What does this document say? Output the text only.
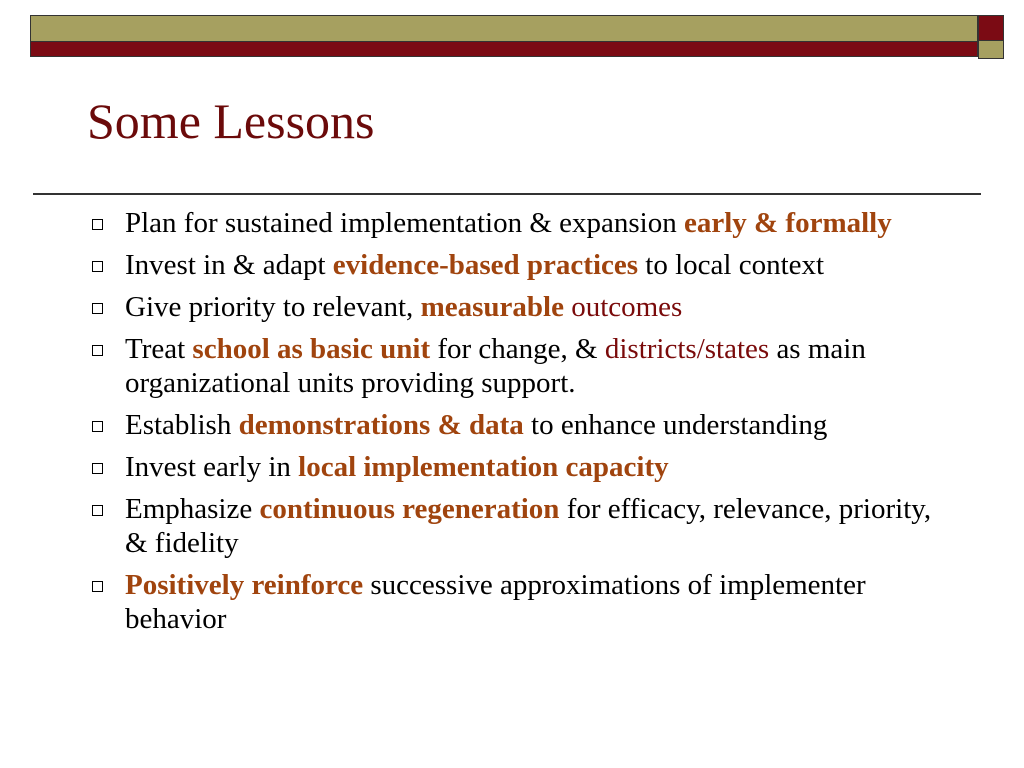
Some Lessons
Plan for sustained implementation & expansion early & formally
Invest in & adapt evidence-based practices to local context
Give priority to relevant, measurable outcomes
Treat school as basic unit for change, & districts/states as main organizational units providing support.
Establish demonstrations & data to enhance understanding
Invest early in local implementation capacity
Emphasize continuous regeneration for efficacy, relevance, priority, & fidelity
Positively reinforce successive approximations of implementer behavior
